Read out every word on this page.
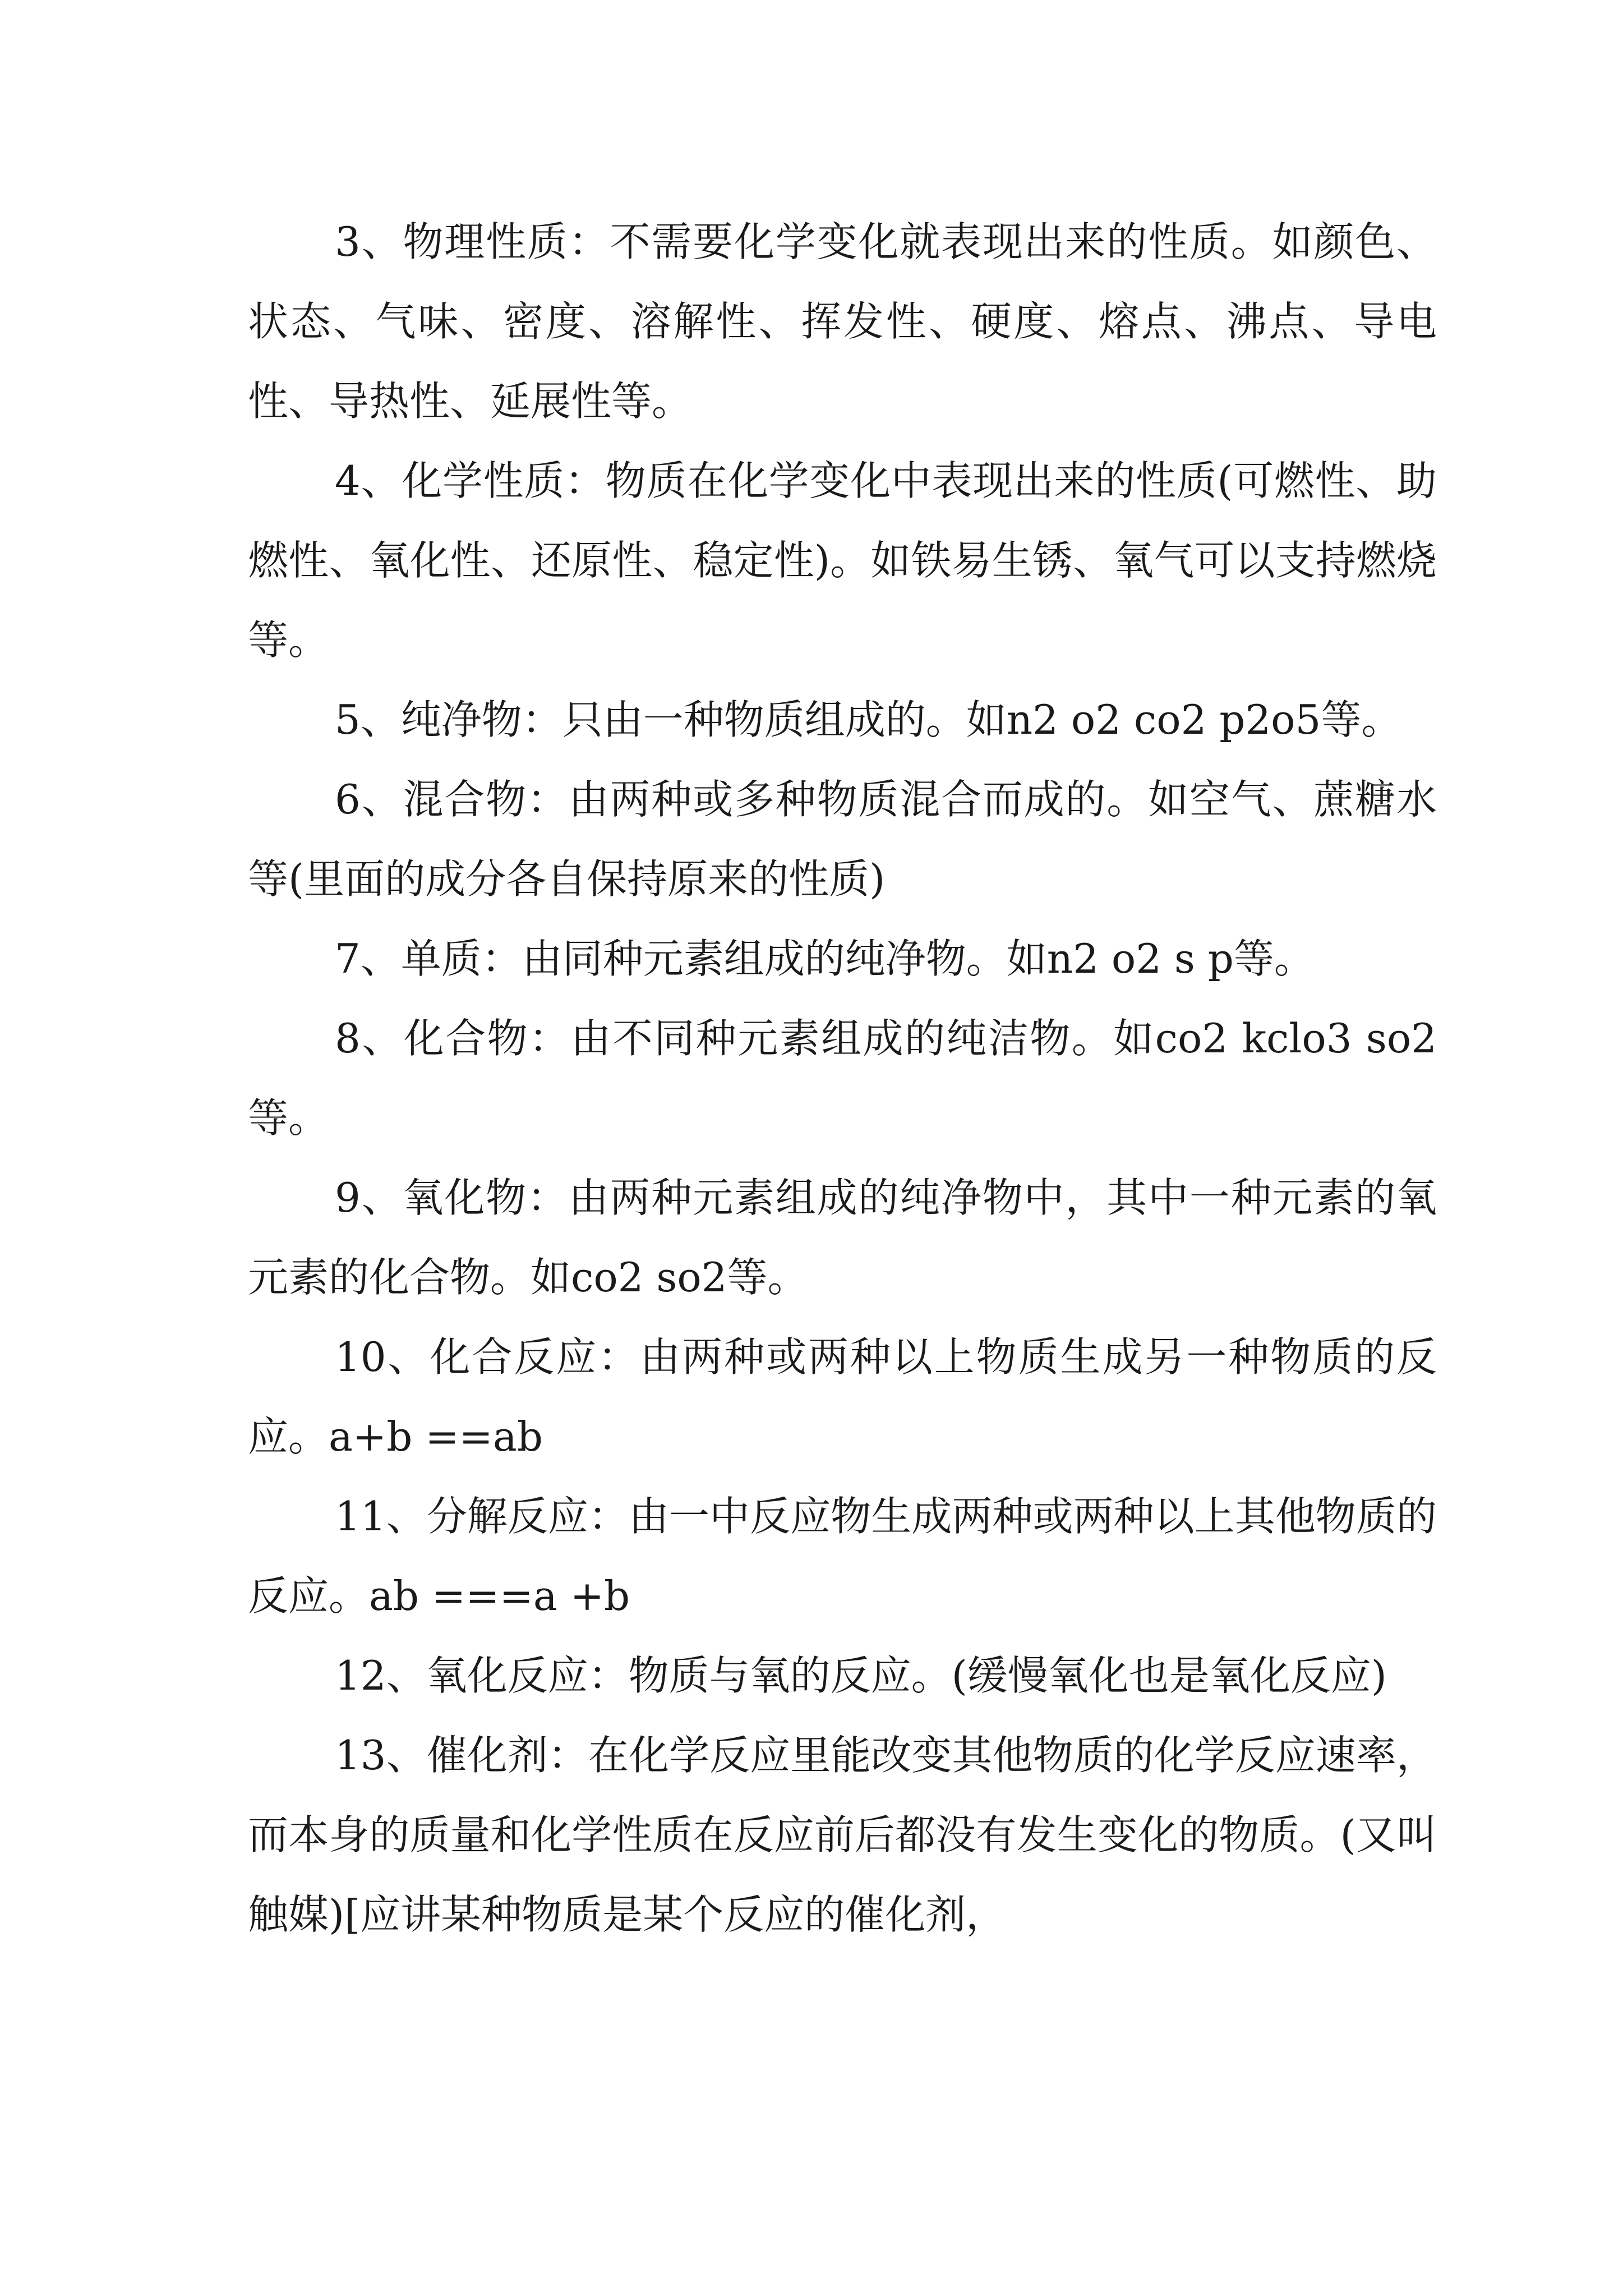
3、物理性质：不需要化学变化就表现出来的性质。如颜色、状态、气味、密度、溶解性、挥发性、硬度、熔点、沸点、导电性、导热性、延展性等。

4、化学性质：物质在化学变化中表现出来的性质(可燃性、助燃性、氧化性、还原性、稳定性)。如铁易生锈、氧气可以支持燃烧等。

5、纯净物：只由一种物质组成的。如n2 o2 co2 p2o5等。

6、混合物：由两种或多种物质混合而成的。如空气、蔗糖水等(里面的成分各自保持原来的性质)

7、单质：由同种元素组成的纯净物。如n2 o2 s p等。

8、化合物：由不同种元素组成的纯洁物。如co2 kclo3 so2 等。

9、氧化物：由两种元素组成的纯净物中，其中一种元素的氧元素的化合物。如co2 so2等。

10、化合反应：由两种或两种以上物质生成另一种物质的反应。a+b ==ab

11、分解反应：由一中反应物生成两种或两种以上其他物质的反应。ab ===a +b

12、氧化反应：物质与氧的反应。(缓慢氧化也是氧化反应)

13、催化剂：在化学反应里能改变其他物质的化学反应速率，而本身的质量和化学性质在反应前后都没有发生变化的物质。(又叫触媒)[应讲某种物质是某个反应的催化剂，
